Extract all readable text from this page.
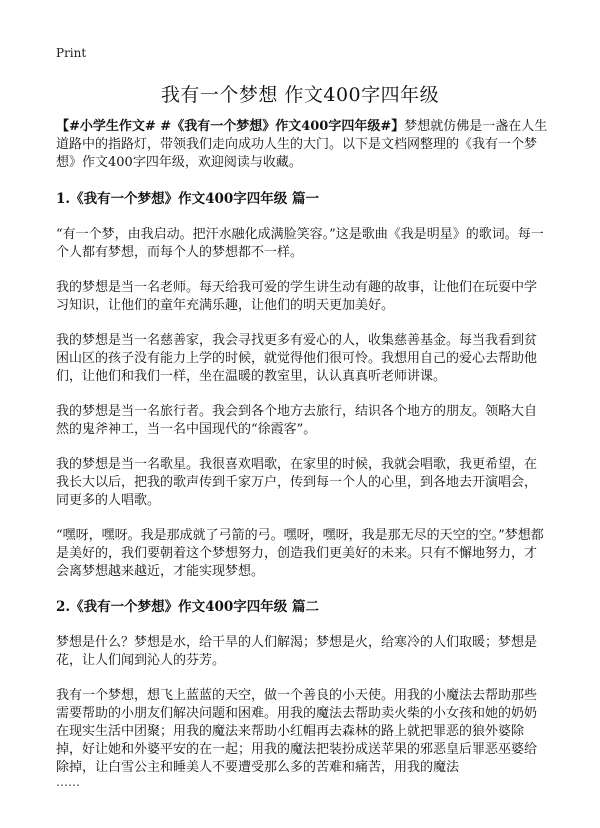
Print
我有一个梦想 作文400字四年级

【#小学生作文# #《我有一个梦想》作文400字四年级#】梦想就仿佛是一盏在人生道路中的指路灯，带领我们走向成功人生的大门。以下是文档网整理的《我有一个梦想》作文400字四年级，欢迎阅读与收藏。

1.《我有一个梦想》作文400字四年级 篇一

“有一个梦，由我启动。把汗水融化成满脸笑容。”这是歌曲《我是明星》的歌词。每一个人都有梦想，而每个人的梦想都不一样。

我的梦想是当一名老师。每天给我可爱的学生讲生动有趣的故事，让他们在玩耍中学习知识，让他们的童年充满乐趣，让他们的明天更加美好。

我的梦想是当一名慈善家，我会寻找更多有爱心的人，收集慈善基金。每当我看到贫困山区的孩子没有能力上学的时候，就觉得他们很可怜。我想用自己的爱心去帮助他们，让他们和我们一样，坐在温暖的教室里，认认真真听老师讲课。

我的梦想是当一名旅行者。我会到各个地方去旅行，结识各个地方的朋友。领略大自然的鬼斧神工，当一名中国现代的“徐霞客”。

我的梦想是当一名歌星。我很喜欢唱歌，在家里的时候，我就会唱歌，我更希望，在我长大以后，把我的歌声传到千家万户，传到每一个人的心里，到各地去开演唱会，同更多的人唱歌。

“嘿呀，嘿呀。我是那成就了弓箭的弓。嘿呀，嘿呀，我是那无尽的天空的空。”梦想都是美好的，我们要朝着这个梦想努力，创造我们更美好的未来。只有不懈地努力，才会离梦想越来越近，才能实现梦想。

2.《我有一个梦想》作文400字四年级 篇二

梦想是什么？梦想是水，给干旱的人们解渴；梦想是火，给寒冷的人们取暖；梦想是花，让人们闻到沁人的芬芳。

我有一个梦想，想飞上蓝蓝的天空，做一个善良的小天使。用我的小魔法去帮助那些需要帮助的小朋友们解决问题和困难。用我的魔法去帮助卖火柴的小女孩和她的奶奶在现实生活中团聚；用我的魔法来帮助小红帽再去森林的路上就把罪恶的狼外婆除掉，好让她和外婆平安的在一起；用我的魔法把装扮成送苹果的邪恶皇后罪恶巫婆给除掉，让白雪公主和睡美人不要遭受那么多的苦难和痛苦，用我的魔法

……
